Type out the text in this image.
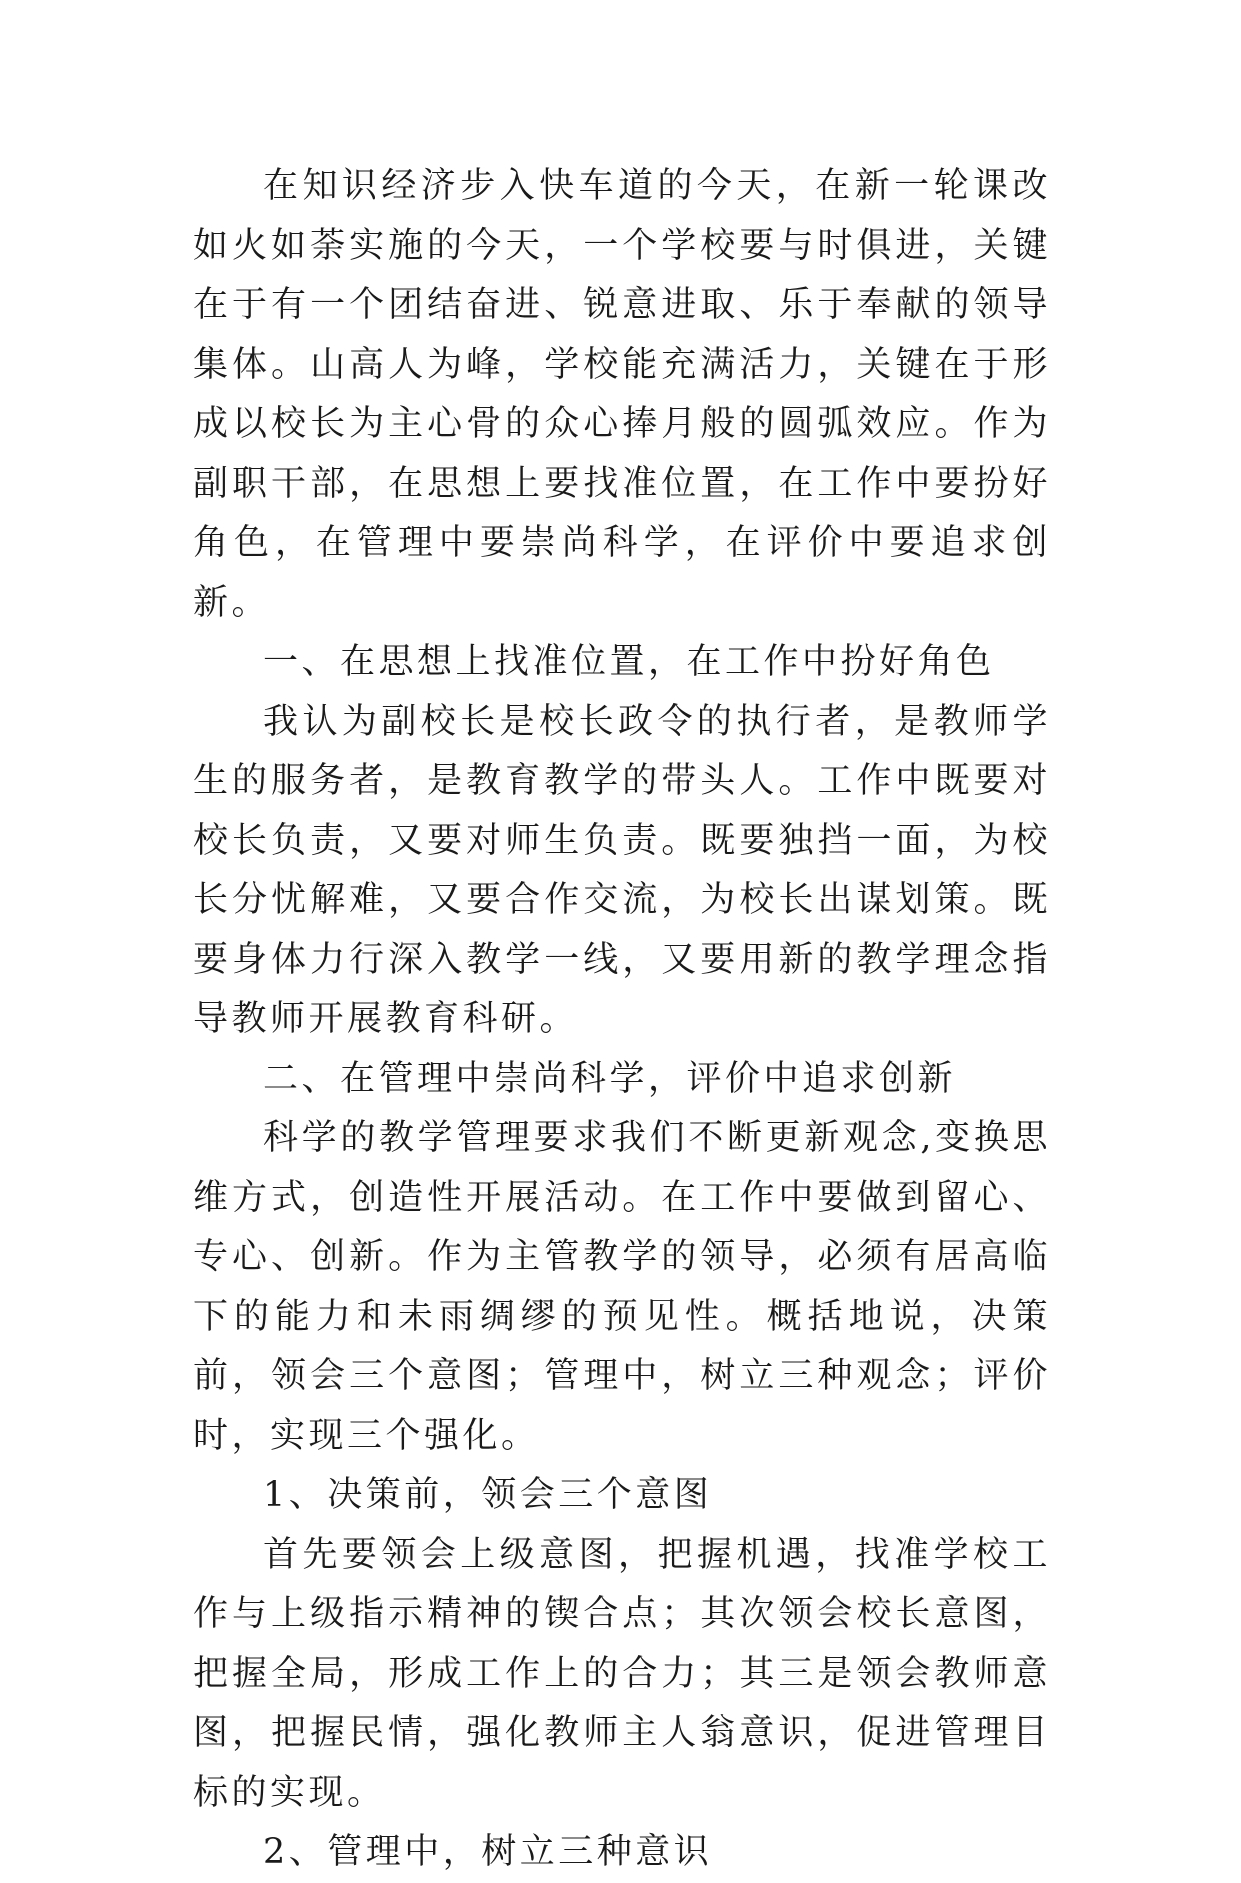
在知识经济步入快车道的今天，在新一轮课改如火如荼实施的今天，一个学校要与时俱进，关键在于有一个团结奋进、锐意进取、乐于奉献的领导集体。山高人为峰，学校能充满活力，关键在于形成以校长为主心骨的众心捧月般的圆弧效应。作为副职干部，在思想上要找准位置，在工作中要扮好角色，在管理中要崇尚科学，在评价中要追求创新。

一、在思想上找准位置，在工作中扮好角色

我认为副校长是校长政令的执行者，是教师学生的服务者，是教育教学的带头人。工作中既要对校长负责，又要对师生负责。既要独挡一面，为校长分忧解难，又要合作交流，为校长出谋划策。既要身体力行深入教学一线，又要用新的教学理念指导教师开展教育科研。

二、在管理中崇尚科学，评价中追求创新

科学的教学管理要求我们不断更新观念,变换思维方式，创造性开展活动。在工作中要做到留心、专心、创新。作为主管教学的领导，必须有居高临下的能力和未雨绸缪的预见性。概括地说，决策前，领会三个意图；管理中，树立三种观念；评价时，实现三个强化。

1、决策前，领会三个意图

首先要领会上级意图，把握机遇，找准学校工作与上级指示精神的锲合点；其次领会校长意图，把握全局，形成工作上的合力；其三是领会教师意图，把握民情，强化教师主人翁意识，促进管理目标的实现。

2、管理中，树立三种意识
